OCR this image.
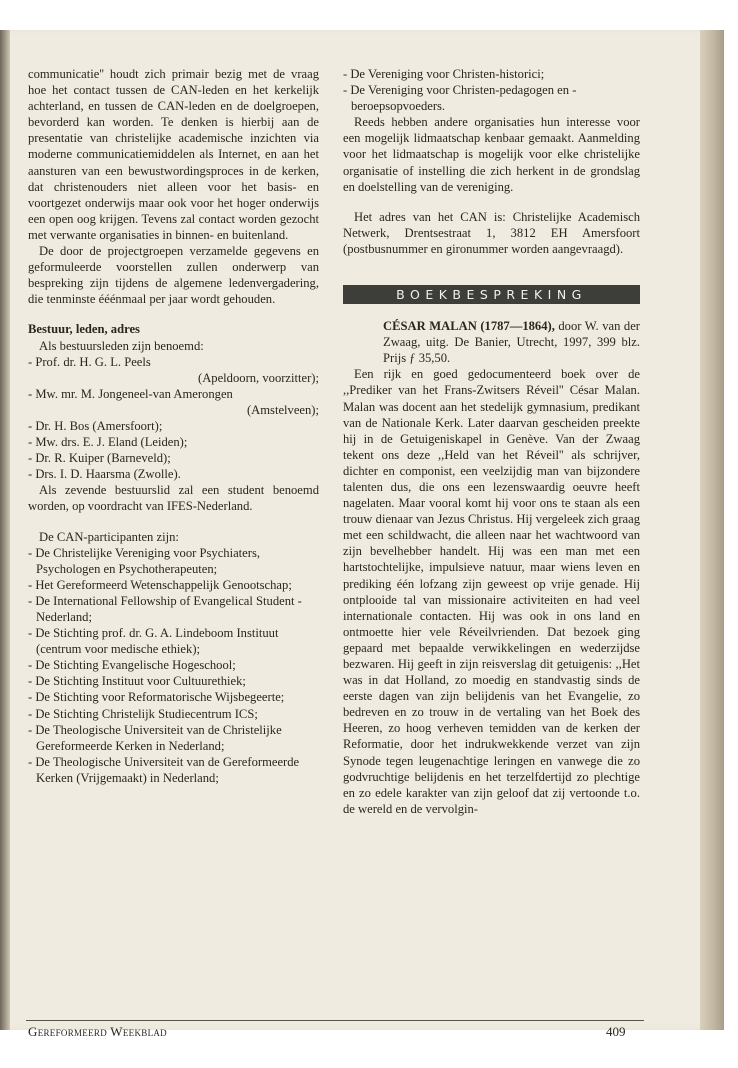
communicatie'' houdt zich primair bezig met de vraag hoe het contact tussen de CAN-leden en het kerkelijk achterland, en tussen de CAN-leden en de doelgroepen, bevorderd kan worden. Te denken is hierbij aan de presentatie van christelijke academische inzichten via moderne communicatiemiddelen als Internet, en aan het aansturen van een bewustwordingsproces in de kerken, dat christenouders niet alleen voor het basis- en voortgezet onderwijs maar ook voor het hoger onderwijs een open oog krijgen. Tevens zal contact worden gezocht met verwante organisaties in binnen- en buitenland.

De door de projectgroepen verzamelde gegevens en geformuleerde voorstellen zullen onderwerp van bespreking zijn tijdens de algemene ledenvergadering, die tenminste ééénmaal per jaar wordt gehouden.

Bestuur, leden, adres

Als bestuursleden zijn benoemd:

- Prof. dr. H. G. L. Peels
(Apeldoorn, voorzitter);
- Mw. mr. M. Jongeneel-van Amerongen
(Amstelveen);
- Dr. H. Bos (Amersfoort);
- Mw. drs. E. J. Eland (Leiden);
- Dr. R. Kuiper (Barneveld);
- Drs. I. D. Haarsma (Zwolle).

Als zevende bestuurslid zal een student benoemd worden, op voordracht van IFES-Nederland.

De CAN-participanten zijn:

- De Christelijke Vereniging voor Psychiaters, Psychologen en Psychotherapeuten;
- Het Gereformeerd Wetenschappelijk Genootschap;
- De International Fellowship of Evangelical Student - Nederland;
- De Stichting prof. dr. G. A. Lindeboom Instituut (centrum voor medische ethiek);
- De Stichting Evangelische Hogeschool;
- De Stichting Instituut voor Cultuurethiek;
- De Stichting voor Reformatorische Wijsbegeerte;
- De Stichting Christelijk Studiecentrum ICS;
- De Theologische Universiteit van de Christelijke Gereformeerde Kerken in Nederland;
- De Theologische Universiteit van de Gereformeerde Kerken (Vrijgemaakt) in Nederland;
- De Vereniging voor Christen-historici;
- De Vereniging voor Christen-pedagogen en -beroepsopvoeders.

Reeds hebben andere organisaties hun interesse voor een mogelijk lidmaatschap kenbaar gemaakt. Aanmelding voor het lidmaatschap is mogelijk voor elke christelijke organisatie of instelling die zich herkent in de grondslag en doelstelling van de vereniging.

Het adres van het CAN is: Christelijke Academisch Netwerk, Drentsestraat 1, 3812 EH Amersfoort (postbusnummer en gironummer worden aangevraagd).

BOEKBESPREKING

CÉSAR MALAN (1787—1864), door W. van der Zwaag, uitg. De Banier, Utrecht, 1997, 399 blz. Prijs ƒ 35,50.

Een rijk en goed gedocumenteerd boek over de ,,Prediker van het Frans-Zwitsers Réveil'' César Malan. Malan was docent aan het stedelijk gymnasium, predikant van de Nationale Kerk. Later daarvan gescheiden preekte hij in de Getuigeniskapel in Genève. Van der Zwaag tekent ons deze ,,Held van het Réveil'' als schrijver, dichter en componist, een veelzijdig man van bijzondere talenten dus, die ons een lezenswaardig oeuvre heeft nagelaten. Maar vooral komt hij voor ons te staan als een trouw dienaar van Jezus Christus. Hij vergeleek zich graag met een schildwacht, die alleen naar het wachtwoord van zijn bevelhebber handelt. Hij was een man met een hartstochtelijke, impulsieve natuur, maar wiens leven en prediking één lofzang zijn geweest op vrije genade. Hij ontplooide tal van missionaire activiteiten en had veel internationale contacten. Hij was ook in ons land en ontmoette hier vele Réveilvrienden. Dat bezoek ging gepaard met bepaalde verwikkelingen en wederzijdse bezwaren. Hij geeft in zijn reisverslag dit getuigenis: ,,Het was in dat Holland, zo moedig en standvastig sinds de eerste dagen van zijn belijdenis van het Evangelie, zo bedreven en zo trouw in de vertaling van het Boek des Heeren, zo hoog verheven temidden van de kerken der Reformatie, door het indrukwekkende verzet van zijn Synode tegen leugenachtige leringen en vanwege die zo godvruchtige belijdenis en het terzelfdertijd zo plechtige en zo edele karakter van zijn geloof dat zij vertoonde t.o. de wereld en de vervolgin-

Gereformeerd Weekblad	409
